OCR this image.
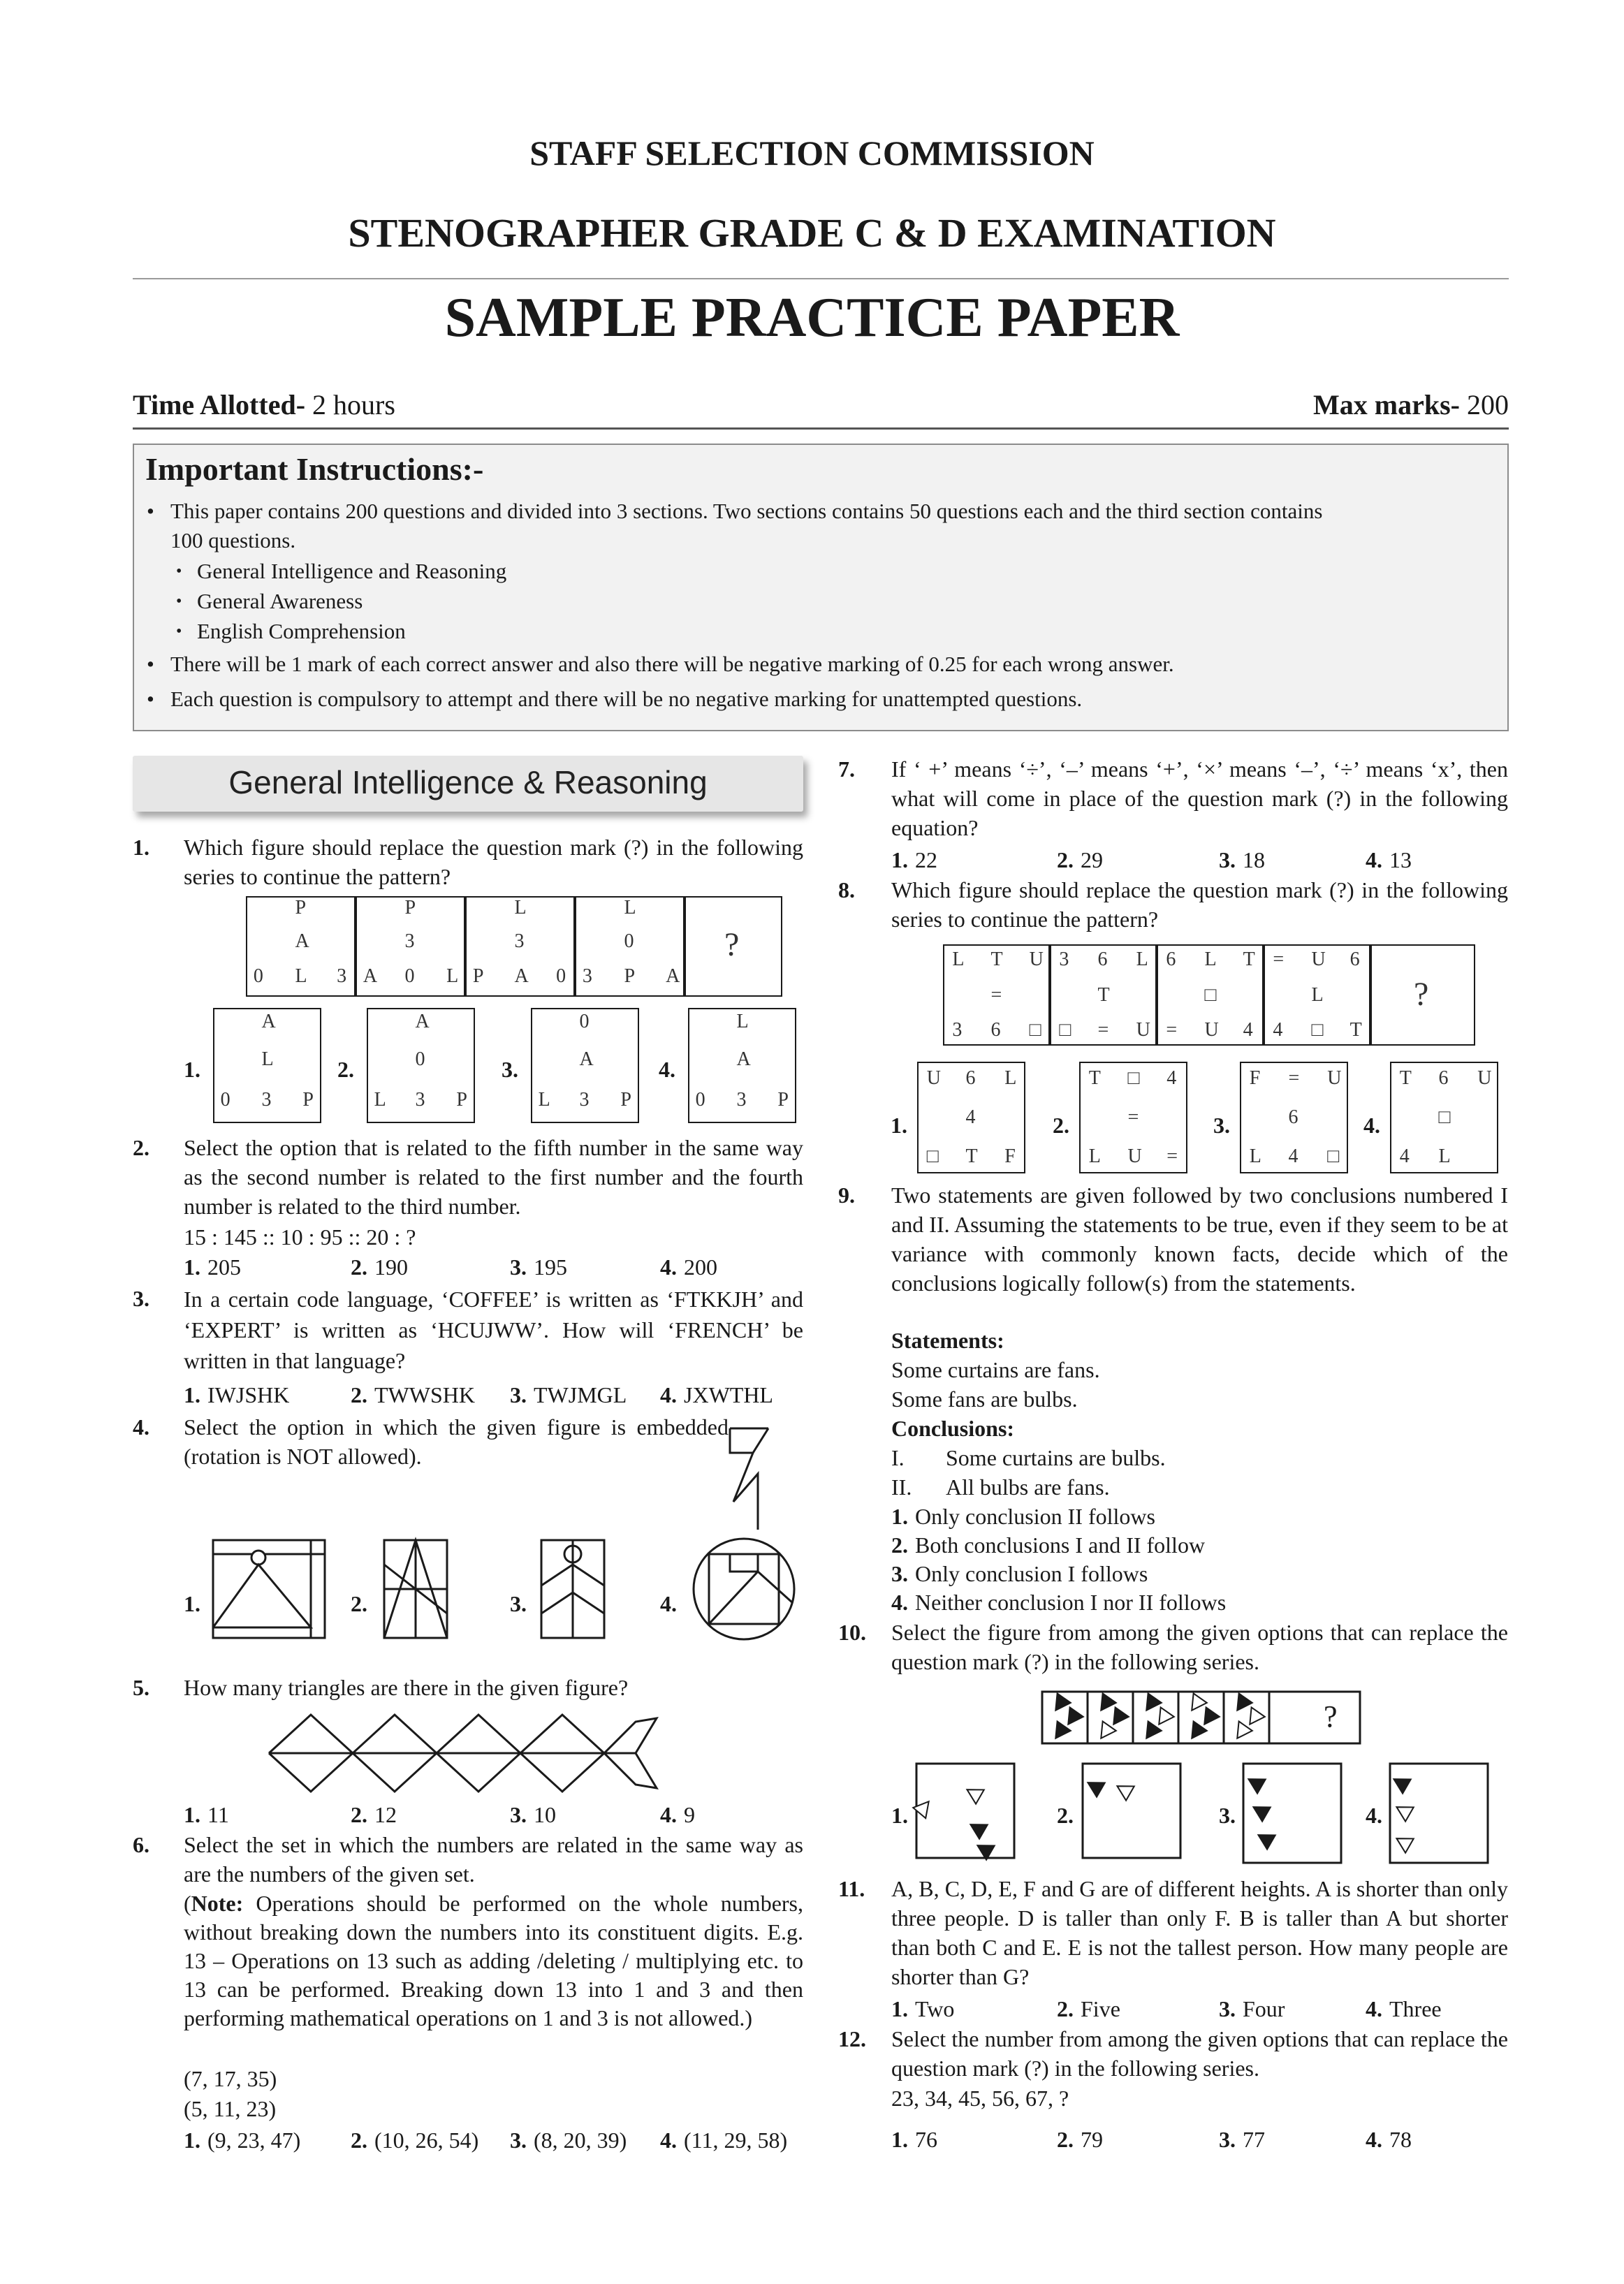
STAFF SELECTION COMMISSION
STENOGRAPHER GRADE C & D EXAMINATION
SAMPLE PRACTICE PAPER
Time Allotted- 2 hours	Max marks- 200
Important Instructions:-
• This paper contains 200 questions and divided into 3 sections. Two sections contains 50 questions each and the third section contains
100 questions.
• General Intelligence and Reasoning
• General Awareness
• English Comprehension
• There will be 1 mark of each correct answer and also there will be negative marking of 0.25 for each wrong answer.
• Each question is compulsory to attempt and there will be no negative marking for unattempted questions.
General Intelligence & Reasoning
1. Which figure should replace the question mark (?) in the following series to continue the pattern?
P
A
0 L 3
P
3
A 0 L
L
3
P A 0
L
0
3 P A
?
1.
A
L
0 3 P
2.
A
0
L 3 P
3.
0
A
L 3 P
4.
L
A
0 3 P
2. Select the option that is related to the fifth number in the same way as the second number is related to the first number and the fourth number is related to the third number.
15 : 145 :: 10 : 95 :: 20 : ?
1. 205	2. 190	3. 195	4. 200
3. In a certain code language, ‘COFFEE’ is written as ‘FTKKJH’ and ‘EXPERT’ is written as ‘HCUJWW’. How will ‘FRENCH’ be written in that language?
1. IWJSHK	2. TWWSHK 3. TWJMGL 4. JXWTHL
4. Select the option in which the given figure is embedded (rotation is NOT allowed).
1.	2.	3.	4.
5. How many triangles are there in the given figure?
1. 11	2. 12	3. 10	4. 9
6. Select the set in which the numbers are related in the same way as are the numbers of the given set.
(Note: Operations should be performed on the whole numbers, without breaking down the numbers into its constituent digits. E.g. 13 – Operations on 13 such as adding /deleting / multiplying etc. to 13 can be performed. Breaking down 13 into 1 and 3 and then performing mathematical operations on 1 and 3 is not allowed.)
(7, 17, 35)
(5, 11, 23)
1. (9, 23, 47) 2. (10, 26, 54) 3. (8, 20, 39) 4. (11, 29, 58)
7. If ‘ +’ means ‘÷’, ‘–’ means ‘+’, ‘×’ means ‘–’, ‘÷’ means ‘x’, then what will come in place of the question mark (?) in the following equation?
1. 22	2. 29	3. 18	4. 13
8. Which figure should replace the question mark (?) in the following series to continue the pattern?
L T U
=
3 6 □
3 6 L
T
□ = U
6 L T
□
= U 4
= U 6
L
4 □ T
?
1.
U 6 L
4
□ T F
2.
T □ 4
=
L U =
3.
F = U
6
L 4 □
4.
T 6 U
□
4 L
9. Two statements are given followed by two conclusions numbered I and II. Assuming the statements to be true, even if they seem to be at variance with commonly known facts, decide which of the conclusions logically follow(s) from the statements.
Statements:
Some curtains are fans.
Some fans are bulbs.
Conclusions:
I. Some curtains are bulbs.
II. All bulbs are fans.
1. Only conclusion II follows
2. Both conclusions I and II follow
3. Only conclusion I follows
4. Neither conclusion I nor II follows
10. Select the figure from among the given options that can replace the question mark (?) in the following series.
?
1.	2.	3.	4.
11. A, B, C, D, E, F and G are of different heights. A is shorter than only three people. D is taller than only F. B is taller than A but shorter than both C and E. E is not the tallest person. How many people are shorter than G?
1. Two	2. Five	3. Four	4. Three
12. Select the number from among the given options that can replace the question mark (?) in the following series.
23, 34, 45, 56, 67, ?
1. 76	2. 79	3. 77	4. 78
